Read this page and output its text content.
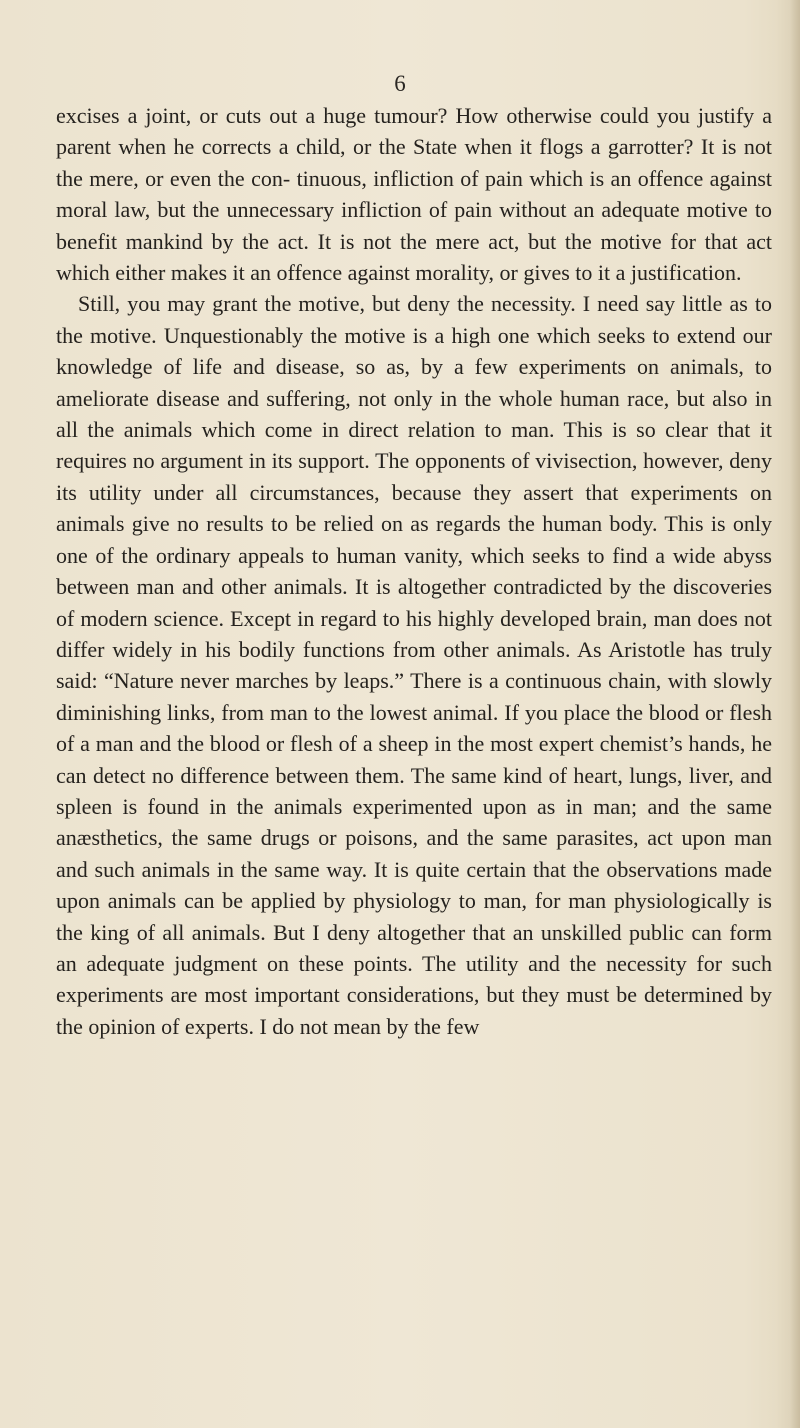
6

excises a joint, or cuts out a huge tumour? How otherwise could you justify a parent when he corrects a child, or the State when it flogs a garrotter? It is not the mere, or even the con- tinuous, infliction of pain which is an offence against moral law, but the unnecessary infliction of pain without an adequate motive to benefit mankind by the act. It is not the mere act, but the motive for that act which either makes it an offence against morality, or gives to it a justification.

Still, you may grant the motive, but deny the necessity. I need say little as to the motive. Unquestionably the motive is a high one which seeks to extend our knowledge of life and disease, so as, by a few experiments on animals, to ameliorate disease and suffering, not only in the whole human race, but also in all the animals which come in direct relation to man. This is so clear that it requires no argument in its support. The opponents of vivisection, however, deny its utility under all circumstances, because they assert that experiments on animals give no results to be relied on as regards the human body. This is only one of the ordinary appeals to human vanity, which seeks to find a wide abyss between man and other animals. It is altogether contradicted by the discoveries of modern science. Except in regard to his highly developed brain, man does not differ widely in his bodily functions from other animals. As Aristotle has truly said: “Nature never marches by leaps.” There is a continuous chain, with slowly diminishing links, from man to the lowest animal. If you place the blood or flesh of a man and the blood or flesh of a sheep in the most expert chemist’s hands, he can detect no difference between them. The same kind of heart, lungs, liver, and spleen is found in the animals experimented upon as in man; and the same anæsthetics, the same drugs or poisons, and the same parasites, act upon man and such animals in the same way. It is quite certain that the observations made upon animals can be applied by physiology to man, for man physiologically is the king of all animals. But I deny altogether that an unskilled public can form an adequate judgment on these points. The utility and the necessity for such experiments are most important considerations, but they must be determined by the opinion of experts. I do not mean by the few
